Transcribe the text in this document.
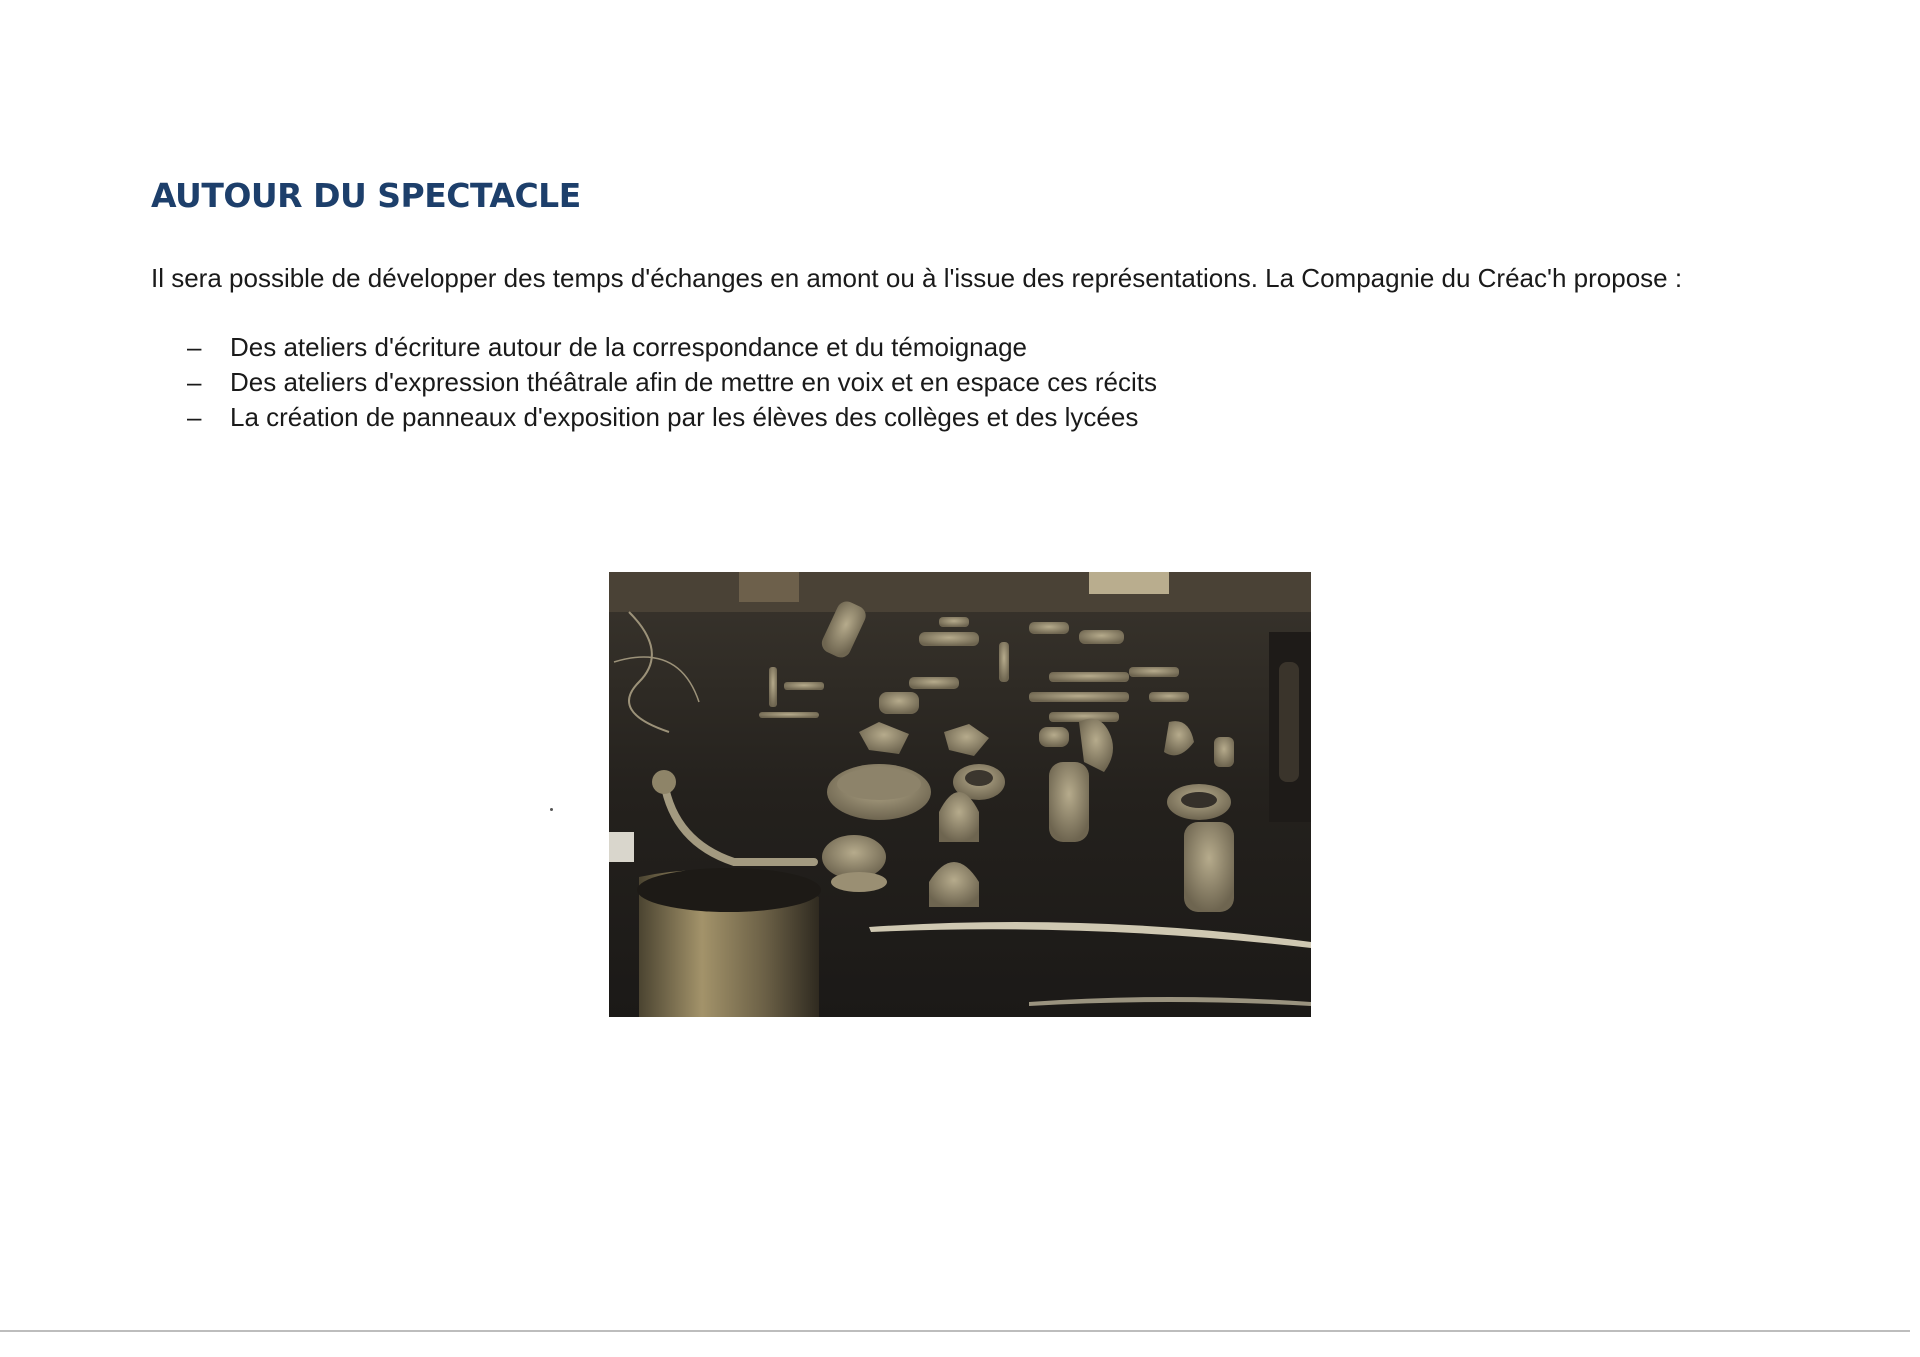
AUTOUR DU SPECTACLE

Il sera possible de développer des temps d'échanges en amont ou à l'issue des représentations. La Compagnie du Créac'h propose :

– Des ateliers d'écriture autour de la correspondance et du témoignage
– Des ateliers d'expression théâtrale afin de mettre en voix et en espace ces récits
– La création de panneaux d'exposition par les élèves des collèges et des lycées
